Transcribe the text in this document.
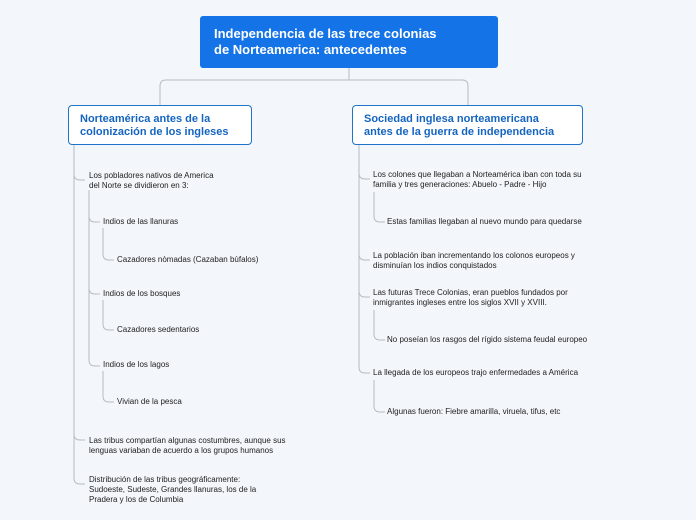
Independencia de las trece colonias
de Norteamerica: antecedentes
Norteamérica antes de la
colonización de los ingleses
Sociedad inglesa norteamericana
antes de la guerra de independencia
Los pobladores nativos de America
del Norte se dividieron en 3:
Indios de las llanuras
Cazadores nòmadas (Cazaban bùfalos)
Indios de los bosques
Cazadores sedentarios
Indios de los lagos
Vivian de la pesca
Las tribus compartían algunas costumbres, aunque sus
lenguas variaban de acuerdo a los grupos humanos
Distribución de las tribus geográficamente:
Sudoeste, Sudeste, Grandes llanuras, los de la
Pradera y los de Columbia
Los colones que llegaban a Norteamérica iban con toda su
familia y tres generaciones: Abuelo - Padre - Hijo
Estas familias llegaban al nuevo mundo para quedarse
La población iban incrementando los colonos europeos y
disminuían los indios conquistados
Las futuras Trece Colonias, eran pueblos fundados por
inmigrantes ingleses entre los siglos XVII y XVIII.
No poseían los rasgos del rígido sistema feudal europeo
La llegada de los europeos trajo enfermedades a América
Algunas fueron: Fiebre amarilla, viruela, tifus, etc
